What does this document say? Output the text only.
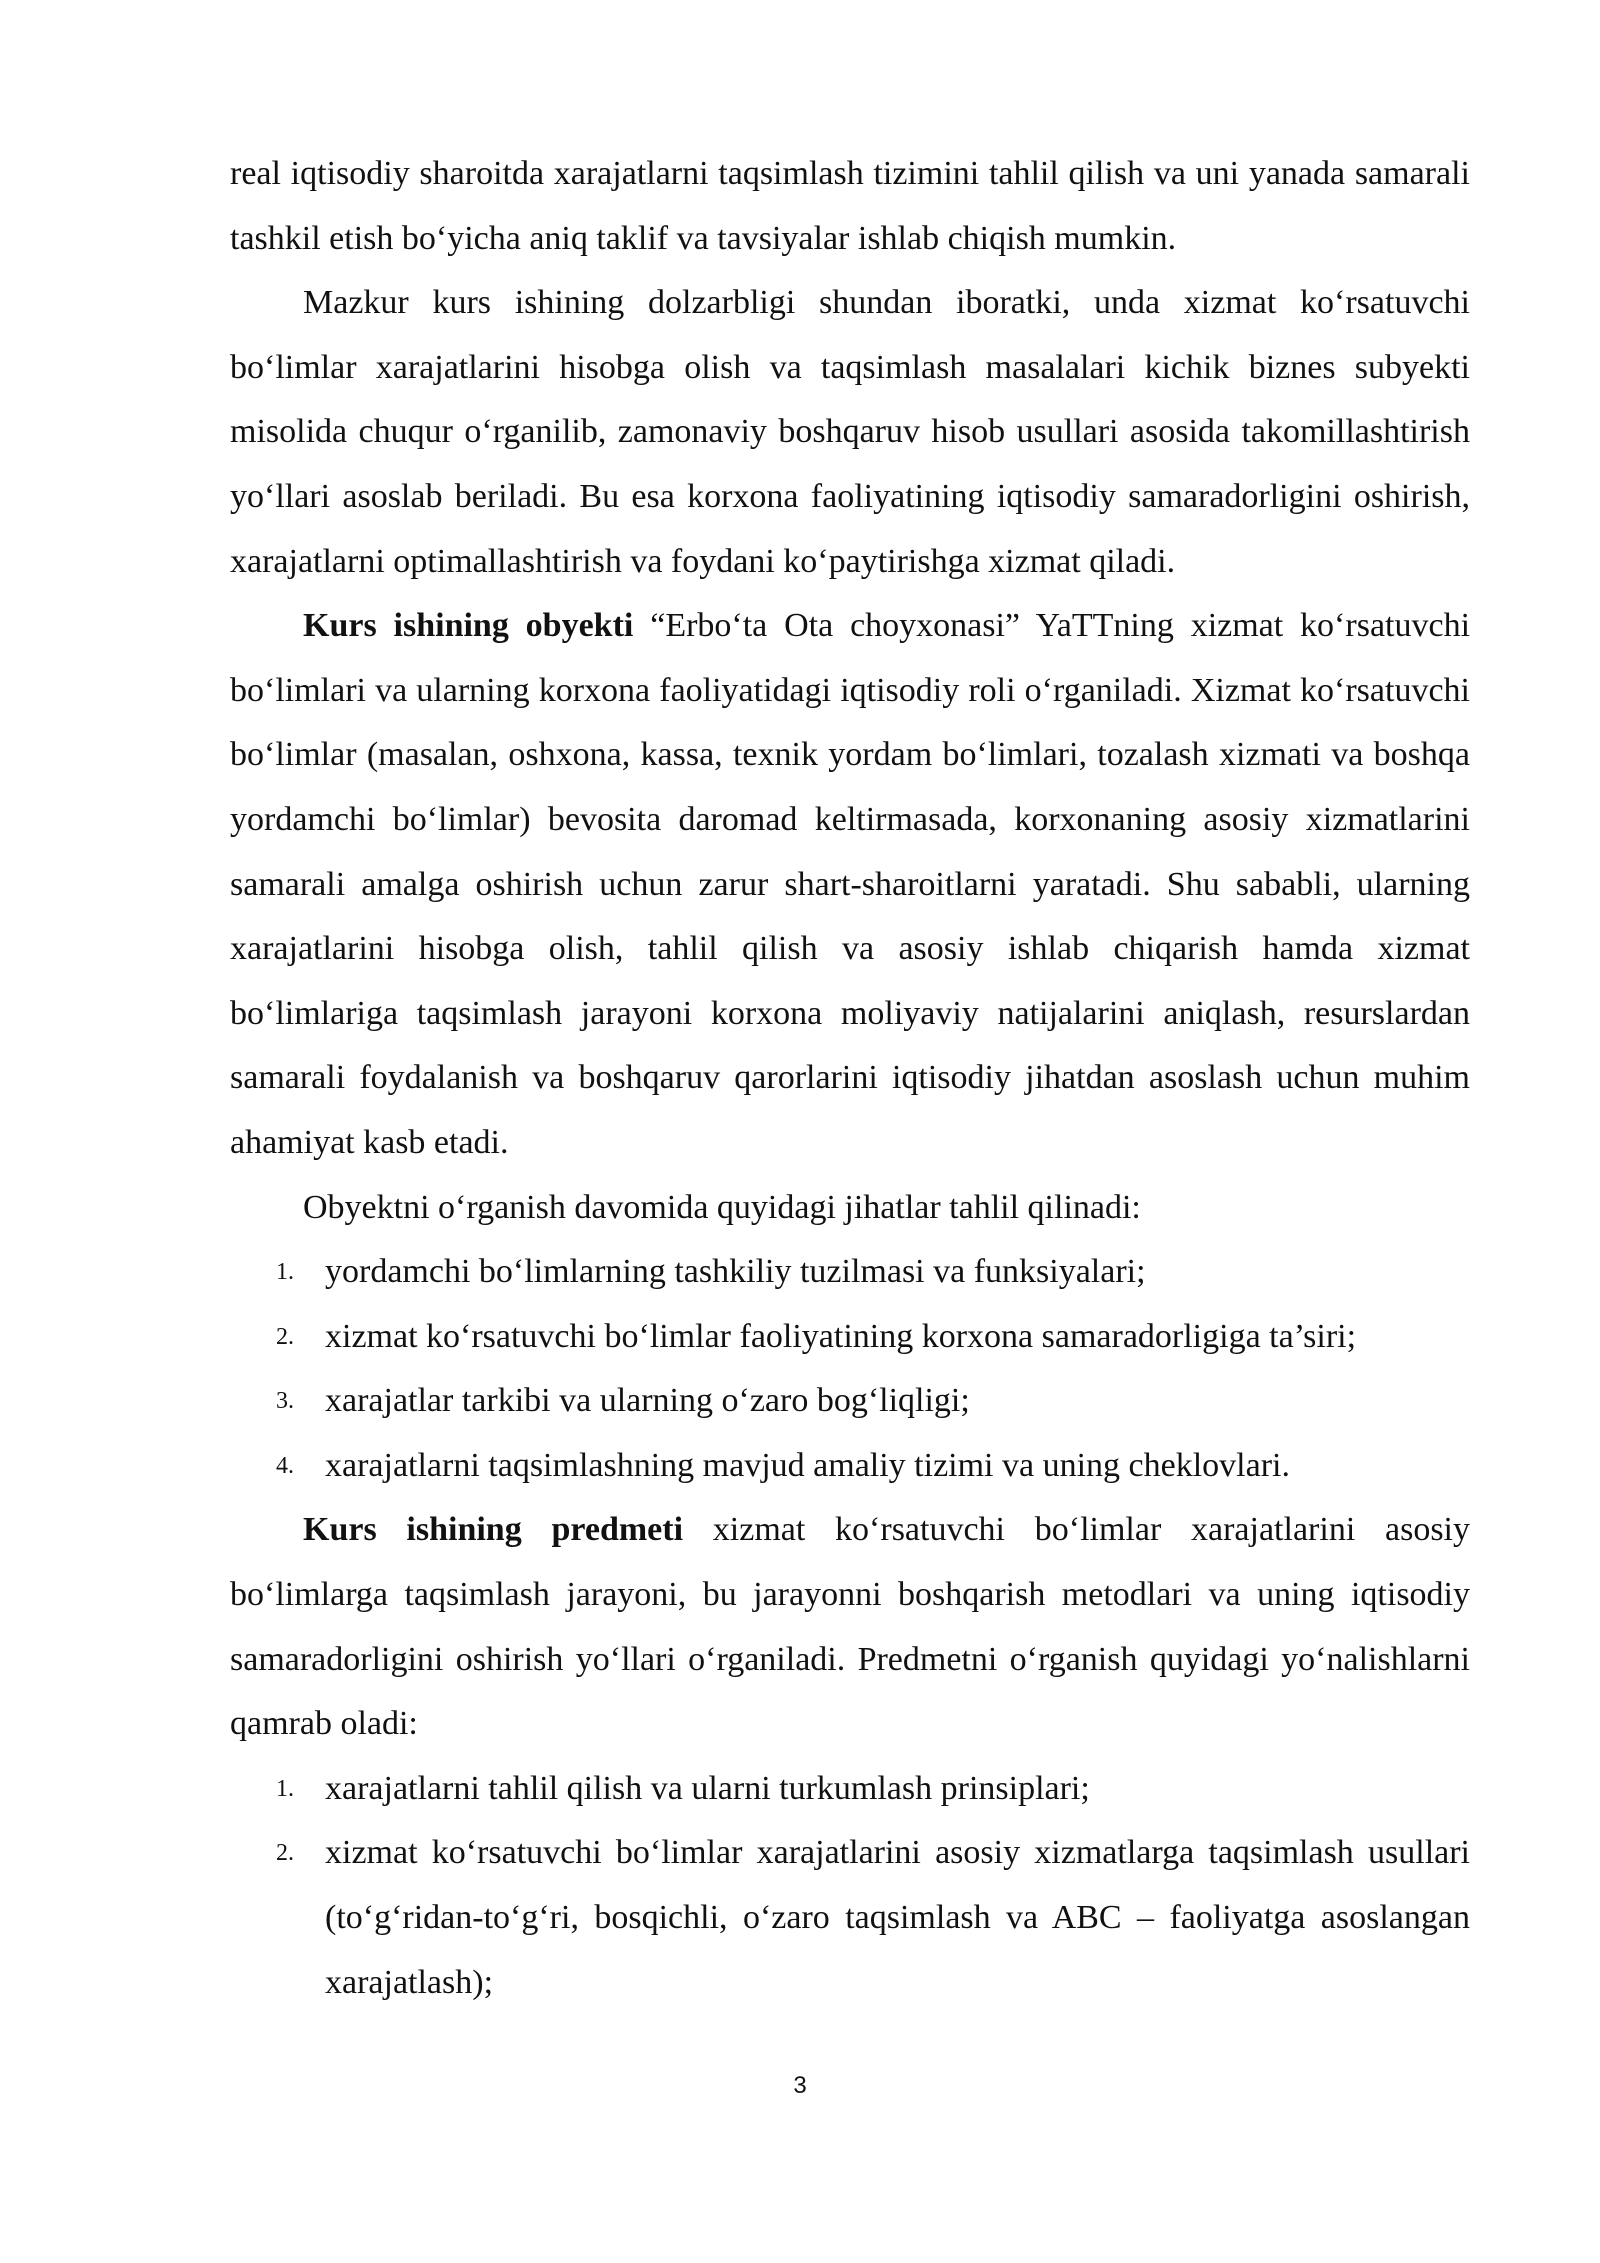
real iqtisodiy sharoitda xarajatlarni taqsimlash tizimini tahlil qilish va uni yanada samarali tashkil etish bo‘yicha aniq taklif va tavsiyalar ishlab chiqish mumkin.

Mazkur kurs ishining dolzarbligi shundan iboratki, unda xizmat ko‘rsatuvchi bo‘limlar xarajatlarini hisobga olish va taqsimlash masalalari kichik biznes subyekti misolida chuqur o‘rganilib, zamonaviy boshqaruv hisob usullari asosida takomillashtirish yo‘llari asoslab beriladi. Bu esa korxona faoliyatining iqtisodiy samaradorligini oshirish, xarajatlarni optimallashtirish va foydani ko‘paytirishga xizmat qiladi.

Kurs ishining obyekti “Erbo‘ta Ota choyxonasi” YaTTning xizmat ko‘rsatuvchi bo‘limlari va ularning korxona faoliyatidagi iqtisodiy roli o‘rganiladi. Xizmat ko‘rsatuvchi bo‘limlar (masalan, oshxona, kassa, texnik yordam bo‘limlari, tozalash xizmati va boshqa yordamchi bo‘limlar) bevosita daromad keltirmasada, korxonaning asosiy xizmatlarini samarali amalga oshirish uchun zarur shart-sharoitlarni yaratadi. Shu sababli, ularning xarajatlarini hisobga olish, tahlil qilish va asosiy ishlab chiqarish hamda xizmat bo‘limlariga taqsimlash jarayoni korxona moliyaviy natijalarini aniqlash, resurslardan samarali foydalanish va boshqaruv qarorlarini iqtisodiy jihatdan asoslash uchun muhim ahamiyat kasb etadi.

Obyektni o‘rganish davomida quyidagi jihatlar tahlil qilinadi:

1. yordamchi bo‘limlarning tashkiliy tuzilmasi va funksiyalari;
2. xizmat ko‘rsatuvchi bo‘limlar faoliyatining korxona samaradorligiga ta’siri;
3. xarajatlar tarkibi va ularning o‘zaro bog‘liqligi;
4. xarajatlarni taqsimlashning mavjud amaliy tizimi va uning cheklovlari.

Kurs ishining predmeti xizmat ko‘rsatuvchi bo‘limlar xarajatlarini asosiy bo‘limlarga taqsimlash jarayoni, bu jarayonni boshqarish metodlari va uning iqtisodiy samaradorligini oshirish yo‘llari o‘rganiladi. Predmetni o‘rganish quyidagi yo‘nalishlarni qamrab oladi:

1. xarajatlarni tahlil qilish va ularni turkumlash prinsiplari;
2. xizmat ko‘rsatuvchi bo‘limlar xarajatlarini asosiy xizmatlarga taqsimlash usullari (to‘g‘ridan-to‘g‘ri, bosqichli, o‘zaro taqsimlash va ABC – faoliyatga asoslangan xarajatlash);
3
